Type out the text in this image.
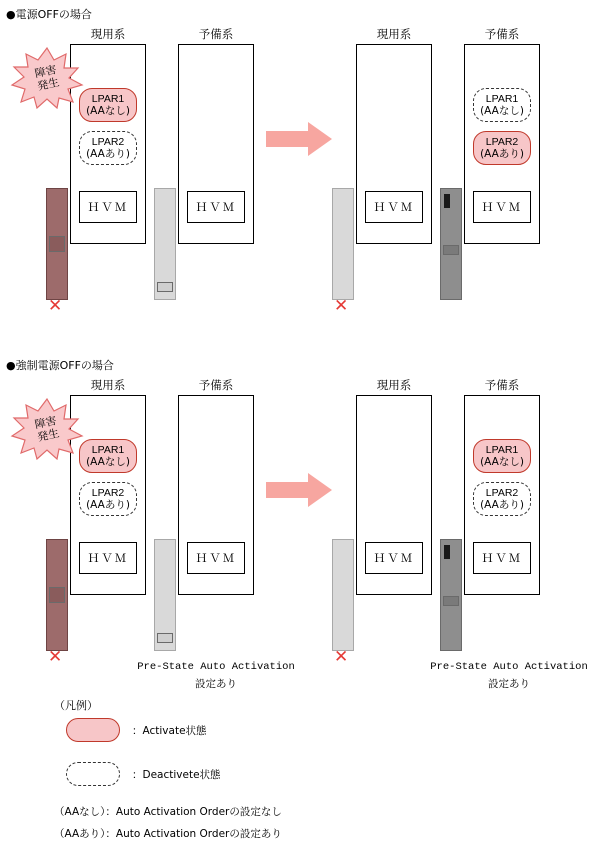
●電源OFFの場合
現用系	予備系	現用系	予備系
LPAR1
(AAなし)
LPAR2
(AAあり)
ＨＶＭ
✕
ＨＶＭ
障害
発生
ＨＶＭ
✕
LPAR1
(AAなし)
LPAR2
(AAあり)
ＨＶＭ
●強制電源OFFの場合
現用系	予備系	現用系	予備系
LPAR1
(AAなし)
LPAR2
(AAあり)
ＨＶＭ
✕
ＨＶＭ
障害
発生
ＨＶＭ
✕
LPAR1
(AAなし)
LPAR2
(AAあり)
ＨＶＭ
Pre-State Auto Activation
設定あり
Pre-State Auto Activation
設定あり
（凡例）
：Activate状態
：Deactivete状態
（AAなし）：Auto Activation Orderの設定なし
（AAあり）：Auto Activation Orderの設定あり
